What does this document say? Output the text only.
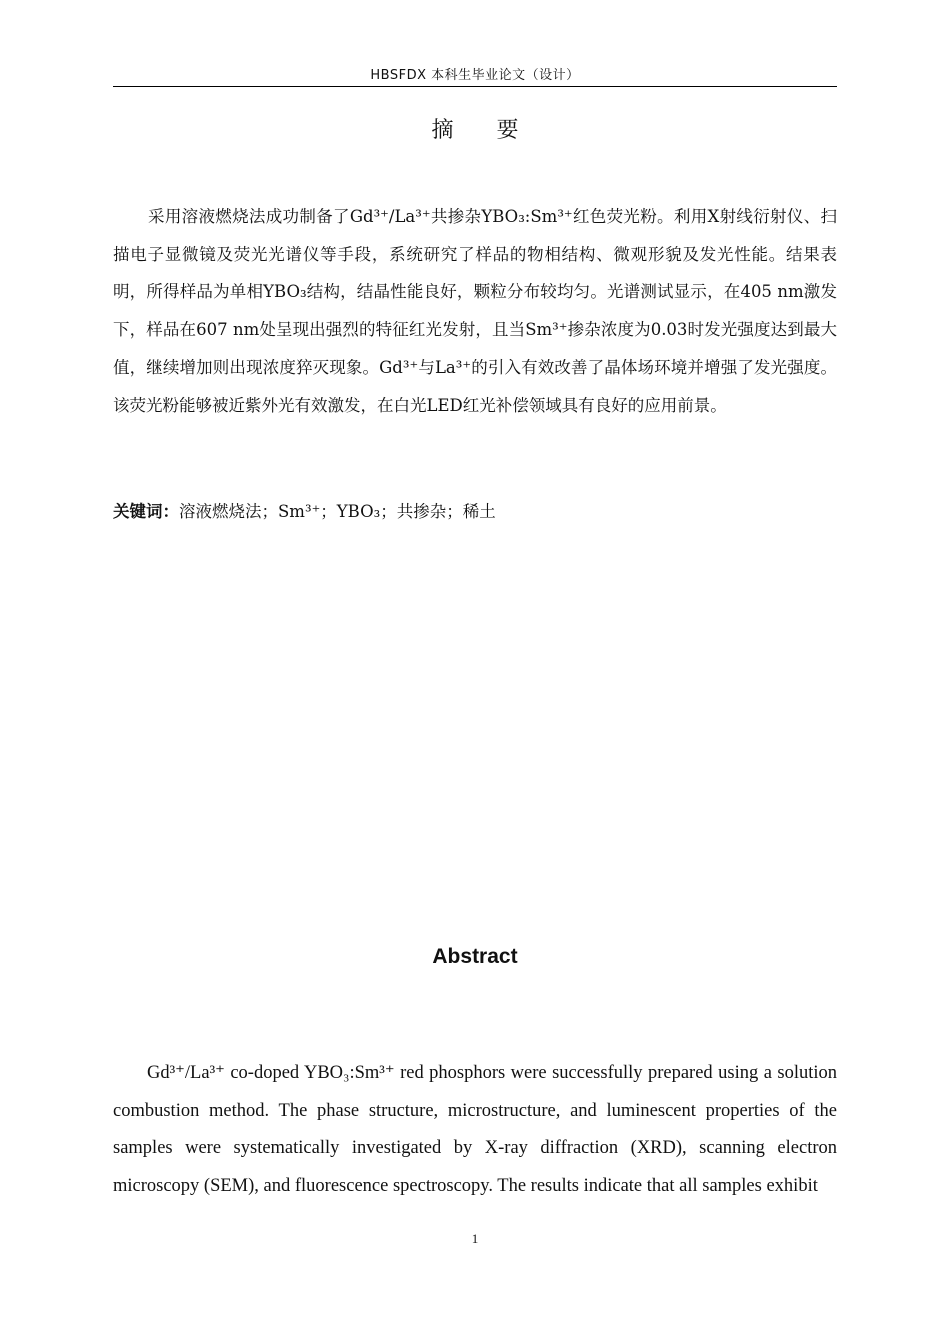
HBSFDX 本科生毕业论文（设计）
摘 要

采用溶液燃烧法成功制备了Gd³⁺/La³⁺共掺杂YBO₃:Sm³⁺红色荧光粉。利用X射线衍射仪、扫描电子显微镜及荧光光谱仪等手段，系统研究了样品的物相结构、微观形貌及发光性能。结果表明，所得样品为单相YBO₃结构，结晶性能良好，颗粒分布较均匀。光谱测试显示，在405 nm激发下，样品在607 nm处呈现出强烈的特征红光发射，且当Sm³⁺掺杂浓度为0.03时发光强度达到最大值，继续增加则出现浓度猝灭现象。Gd³⁺与La³⁺的引入有效改善了晶体场环境并增强了发光强度。该荧光粉能够被近紫外光有效激发，在白光LED红光补偿领域具有良好的应用前景。

关键词：溶液燃烧法；Sm³⁺；YBO₃；共掺杂；稀土
Abstract

Gd³⁺/La³⁺ co-doped YBO₃:Sm³⁺ red phosphors were successfully prepared using a solution combustion method. The phase structure, microstructure, and luminescent properties of the samples were systematically investigated by X-ray diffraction (XRD), scanning electron microscopy (SEM), and fluorescence spectroscopy. The results indicate that all samples exhibit

1
